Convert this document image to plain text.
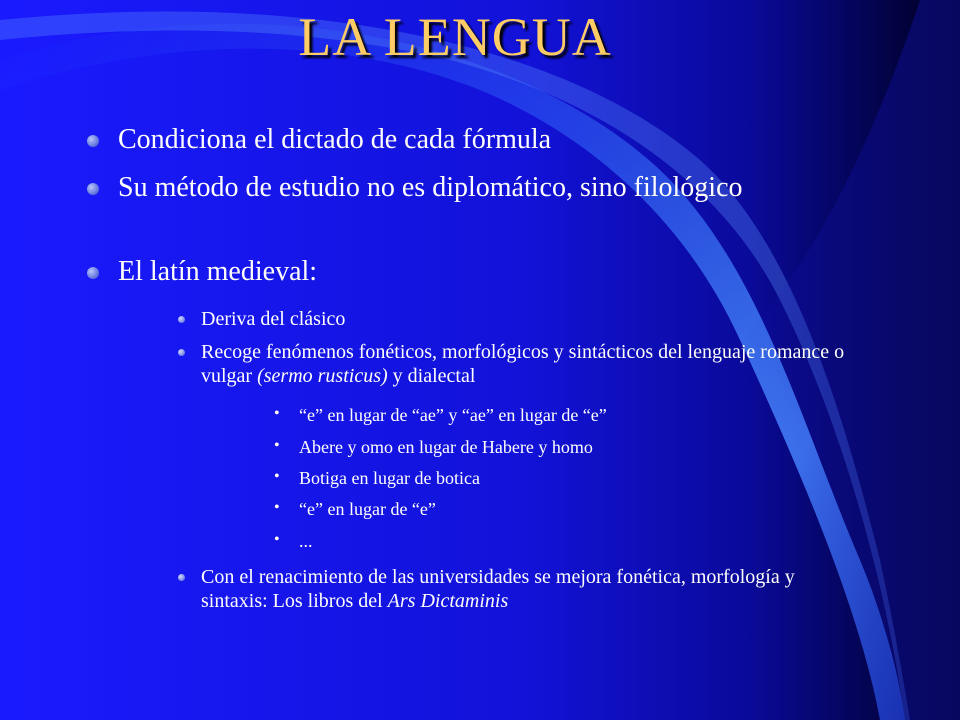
LA LENGUA
Condiciona el dictado de cada fórmula
Su método de estudio no es diplomático, sino filológico
El latín medieval:
Deriva del clásico
Recoge fenómenos fonéticos, morfológicos y sintácticos del lenguaje romance o vulgar (sermo rusticus) y dialectal
• “e” en lugar de “ae” y “ae” en lugar de “e”
• Abere y omo en lugar de Habere y homo
• Botiga en lugar de botica
• “e” en lugar de “e”
• ...
Con el renacimiento de las universidades se mejora fonética, morfología y sintaxis: Los libros del Ars Dictaminis
